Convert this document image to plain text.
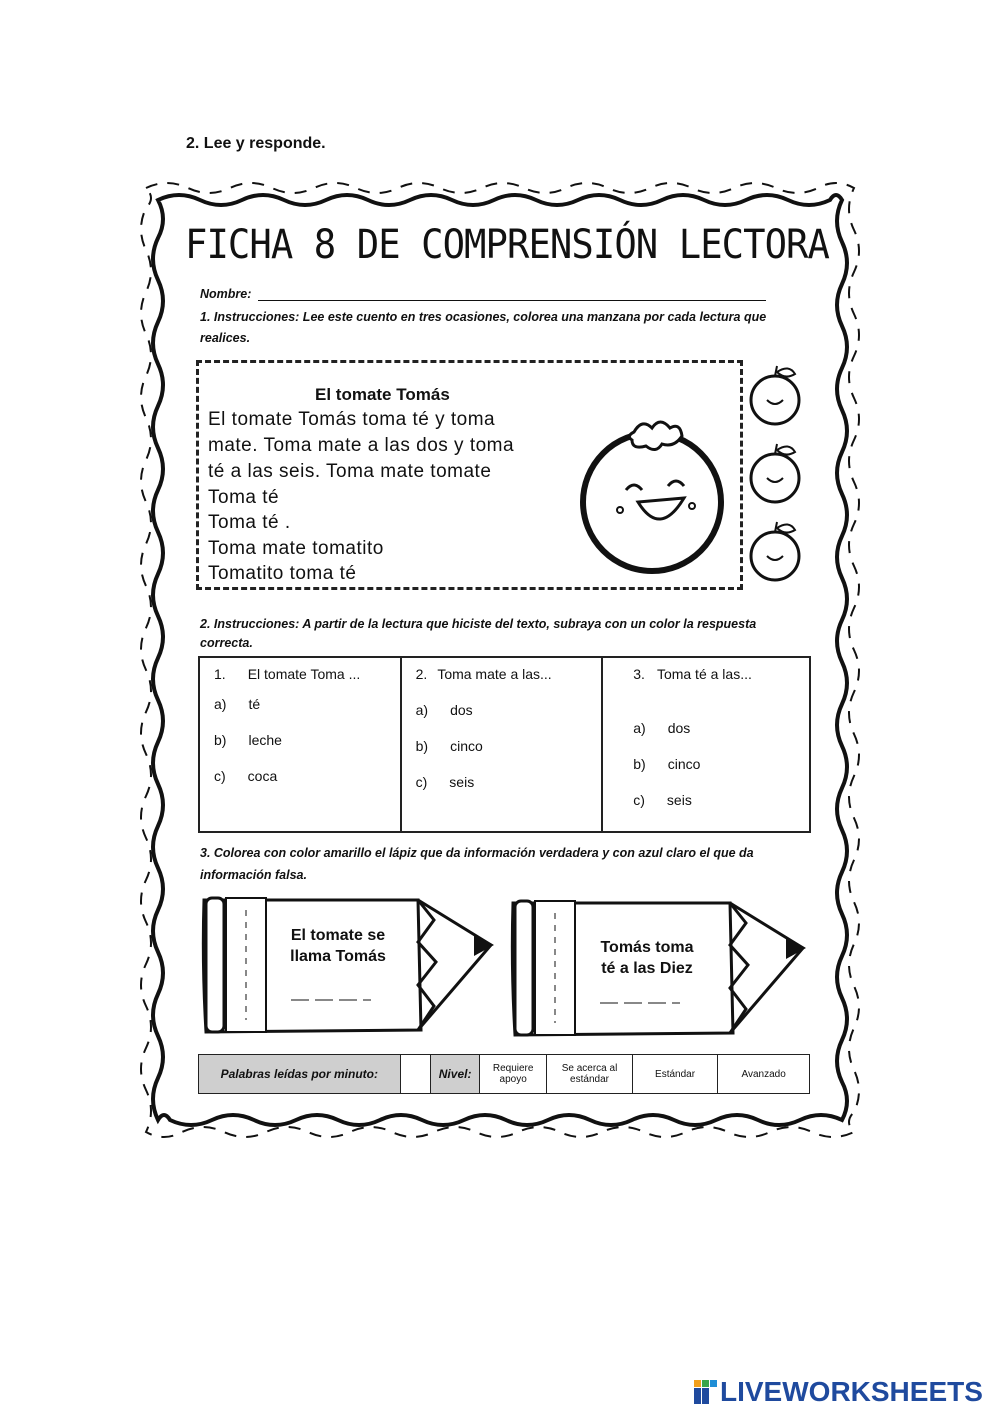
2. Lee y responde.
FICHA 8 DE COMPRENSIÓN LECTORA
Nombre:
1. Instrucciones: Lee este cuento en tres ocasiones, colorea una manzana por cada lectura que realices.
El tomate Tomás
El tomate Tomás toma té y toma
mate. Toma mate a las dos y toma
té a las seis. Toma mate tomate
Toma té
Toma té .
Toma mate tomatito
Tomatito toma té
2. Instrucciones: A partir de la lectura que hiciste del texto, subraya con un color la respuesta correcta.
1. El tomate Toma ...
a) té
b) leche
c) coca

2. Toma mate a las...
a) dos
b) cinco
c) seis

3. Toma té a las...
a) dos
b) cinco
c) seis
3. Colorea con color amarillo el lápiz que da información verdadera y con azul claro el que da información falsa.
El tomate se
llama Tomás
Tomás toma
té a las Diez
Palabras leídas por minuto:		Nivel:	Requiere apoyo	Se acerca al estándar	Estándar	Avanzado
LIVEWORKSHEETS
